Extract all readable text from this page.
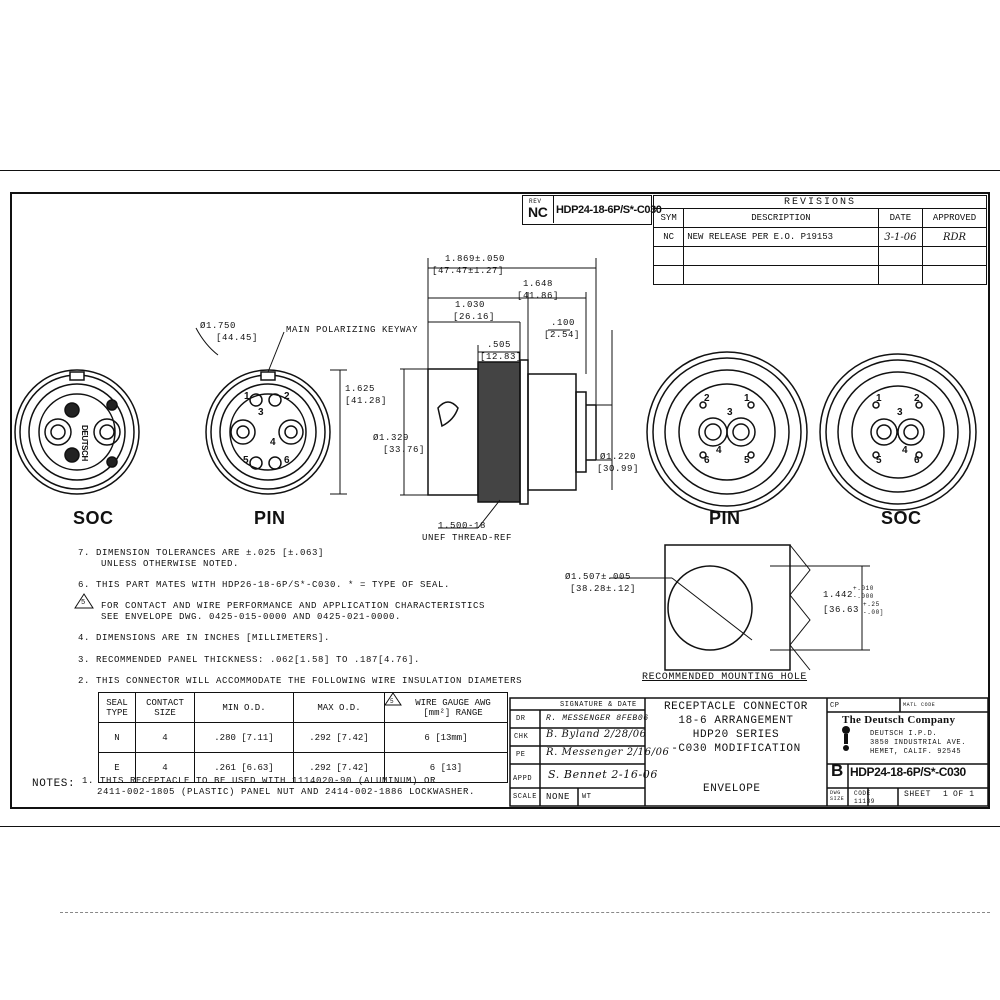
REV
NC HDP24-18-6P/S*-C030
REVISIONS			
SYM	DESCRIPTION	DATE	APPROVED
NC	NEW RELEASE PER E.O. P19153	3-1-06	RDR

DEUTSCH
1	2
3
4
5	6
2	1
3
4
6	5
1	2
3
4
5	6
SOC	PIN	PIN	SOC
Ø1.750
[44.45]
MAIN POLARIZING KEYWAY
1.625
[41.28]
1.869±.050
[47.47±1.27]
1.648
[41.86]
1.030
[26.16]
.100
[2.54]
.505
[12.83]
Ø1.329
[33.76]
Ø1.220
[30.99]
1.500-18
UNEF THREAD-REF
Ø1.507±.005
[38.28±.12]
1.442
+.010
-.000
[36.63
+.25
-.00]
RECOMMENDED MOUNTING HOLE
7. DIMENSION TOLERANCES ARE ±.025 [±.063]
UNLESS OTHERWISE NOTED.
6. THIS PART MATES WITH HDP26-18-6P/S*-C030. * = TYPE OF SEAL.
5 FOR CONTACT AND WIRE PERFORMANCE AND APPLICATION CHARACTERISTICS
SEE ENVELOPE DWG. 0425-015-0000 AND 0425-021-0000.
4. DIMENSIONS ARE IN INCHES [MILLIMETERS].
3. RECOMMENDED PANEL THICKNESS: .062[1.58] TO .187[4.76].
2. THIS CONNECTOR WILL ACCOMMODATE THE FOLLOWING WIRE INSULATION DIAMETERS
NOTES: 1. THIS RECEPTACLE TO BE USED WITH 1114020-90 (ALUMINUM) OR
2411-002-1805 (PLASTIC) PANEL NUT AND 2414-002-1886 LOCKWASHER.
SEAL TYPE	CONTACT SIZE	MIN O.D.	MAX O.D.	WIRE GAUGE AWG [mm²] RANGE
N	4	.280 [7.11]	.292 [7.42]	6 [13mm]
E	4	.261 [6.63]	.292 [7.42]	6 [13]
5	SIGNATURE & DATE
DR	R. MESSENGER 8FEB06
CHK B. Byland 2/28/06
PE R. Messenger 2/16/06
APPD S. Bennet 2-16-06
SCALE NONE WT
RECEPTACLE CONNECTOR
18-6 ARRANGEMENT
HDP20 SERIES
-C030 MODIFICATION
ENVELOPE
CP	MATL CODE
The Deutsch Company
DEUTSCH I.P.D.
3850 INDUSTRIAL AVE.
HEMET, CALIF. 92545
B HDP24-18-6P/S*-C030
DWG SIZE
CODE
11139
SHEET 1 OF 1
